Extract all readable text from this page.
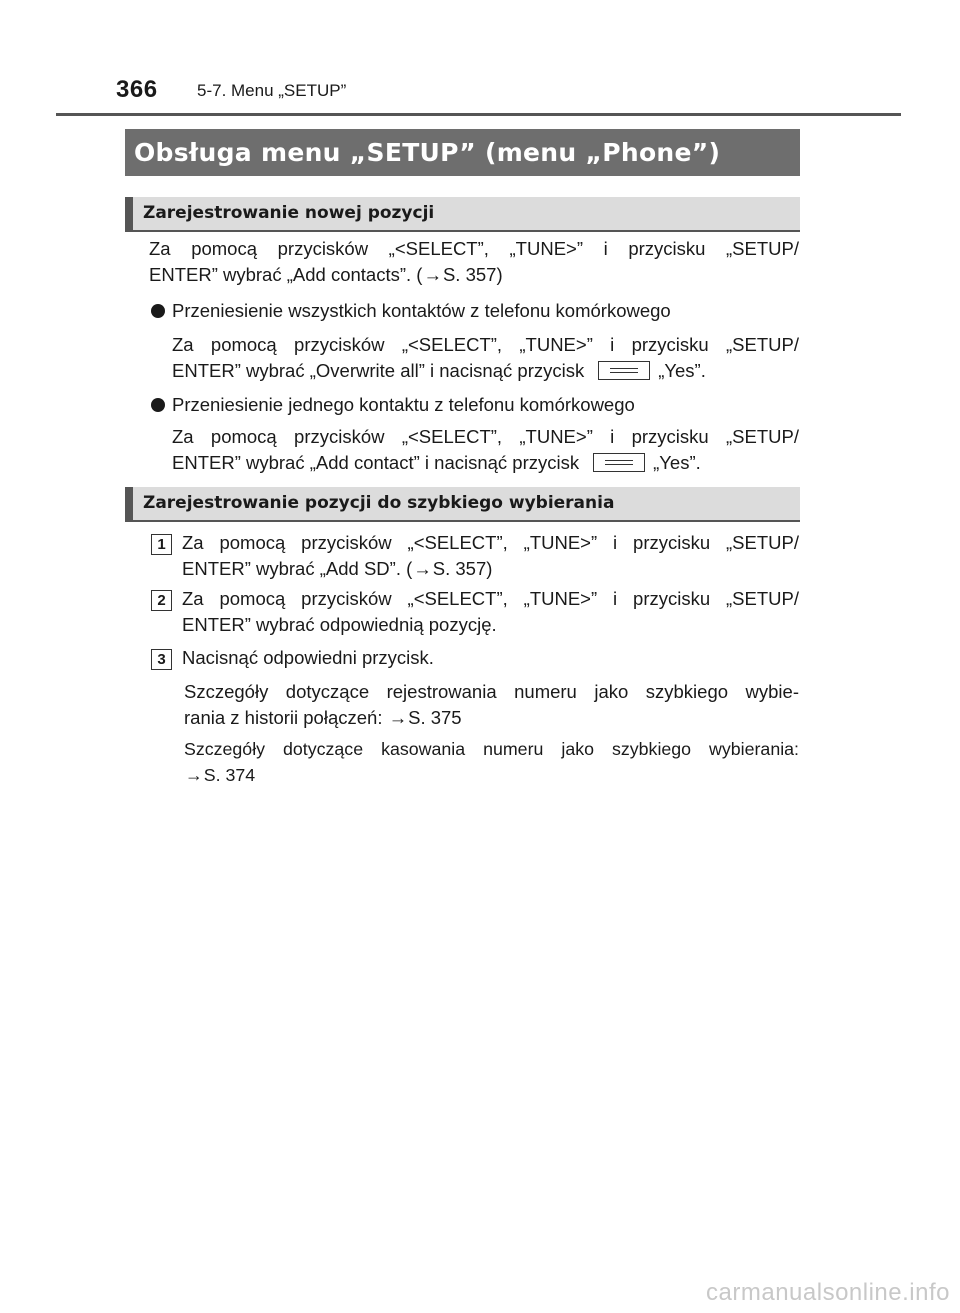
366 5-7. Menu „SETUP”
Obsługa menu „SETUP” (menu „Phone”)
Zarejestrowanie nowej pozycji
Za pomocą przycisków „<SELECT”, „TUNE>” i przycisku „SETUP/
ENTER” wybrać „Add contacts”. (→S. 357)
Przeniesienie wszystkich kontaktów z telefonu komórkowego
Za pomocą przycisków „<SELECT”, „TUNE>” i przycisku „SETUP/
ENTER” wybrać „Overwrite all” i nacisnąć przycisk	„Yes”.
Przeniesienie jednego kontaktu z telefonu komórkowego
Za pomocą przycisków „<SELECT”, „TUNE>” i przycisku „SETUP/
ENTER” wybrać „Add contact” i nacisnąć przycisk	„Yes”.
Zarejestrowanie pozycji do szybkiego wybierania
1 Za pomocą przycisków „<SELECT”, „TUNE>” i przycisku „SETUP/
ENTER” wybrać „Add SD”. (→S. 357)
2 Za pomocą przycisków „<SELECT”, „TUNE>” i przycisku „SETUP/
ENTER” wybrać odpowiednią pozycję.
3 Nacisnąć odpowiedni przycisk.
Szczegóły dotyczące rejestrowania numeru jako szybkiego wybie-
rania z historii połączeń: →S. 375
Szczegóły dotyczące kasowania numeru jako szybkiego wybierania:
→S. 374
carmanualsonline.info
